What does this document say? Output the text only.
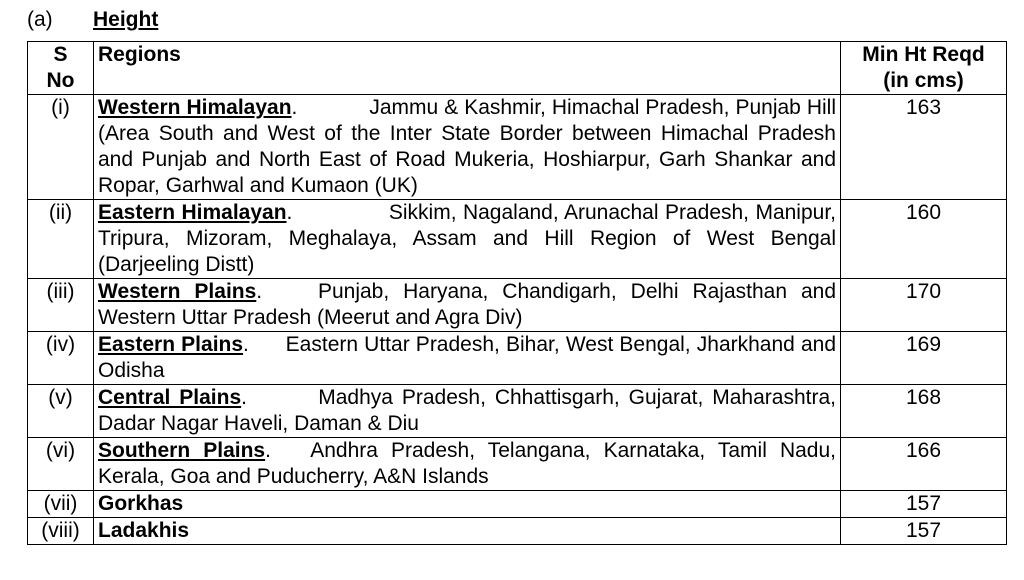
(a) Height
S
No	Regions	Min Ht Reqd
(in cms)

(i)	Western Himalayan. Jammu & Kashmir, Himachal Pradesh, Punjab Hill (Area South and West of the Inter State Border between Himachal Pradesh and Punjab and North East of Road Mukeria, Hoshiarpur, Garh Shankar and Ropar, Garhwal and Kumaon (UK)	163
(ii)	Eastern Himalayan. Sikkim, Nagaland, Arunachal Pradesh, Manipur, Tripura, Mizoram, Meghalaya, Assam and Hill Region of West Bengal (Darjeeling Distt)	160
(iii)	Western Plains. Punjab, Haryana, Chandigarh, Delhi Rajasthan and Western Uttar Pradesh (Meerut and Agra Div)	170
(iv)	Eastern Plains. Eastern Uttar Pradesh, Bihar, West Bengal, Jharkhand and Odisha	169
(v)	Central Plains. Madhya Pradesh, Chhattisgarh, Gujarat, Maharashtra, Dadar Nagar Haveli, Daman & Diu	168
(vi)	Southern Plains. Andhra Pradesh, Telangana, Karnataka, Tamil Nadu, Kerala, Goa and Puducherry, A&N Islands	166
(vii)	Gorkhas	157
(viii)	Ladakhis	157
